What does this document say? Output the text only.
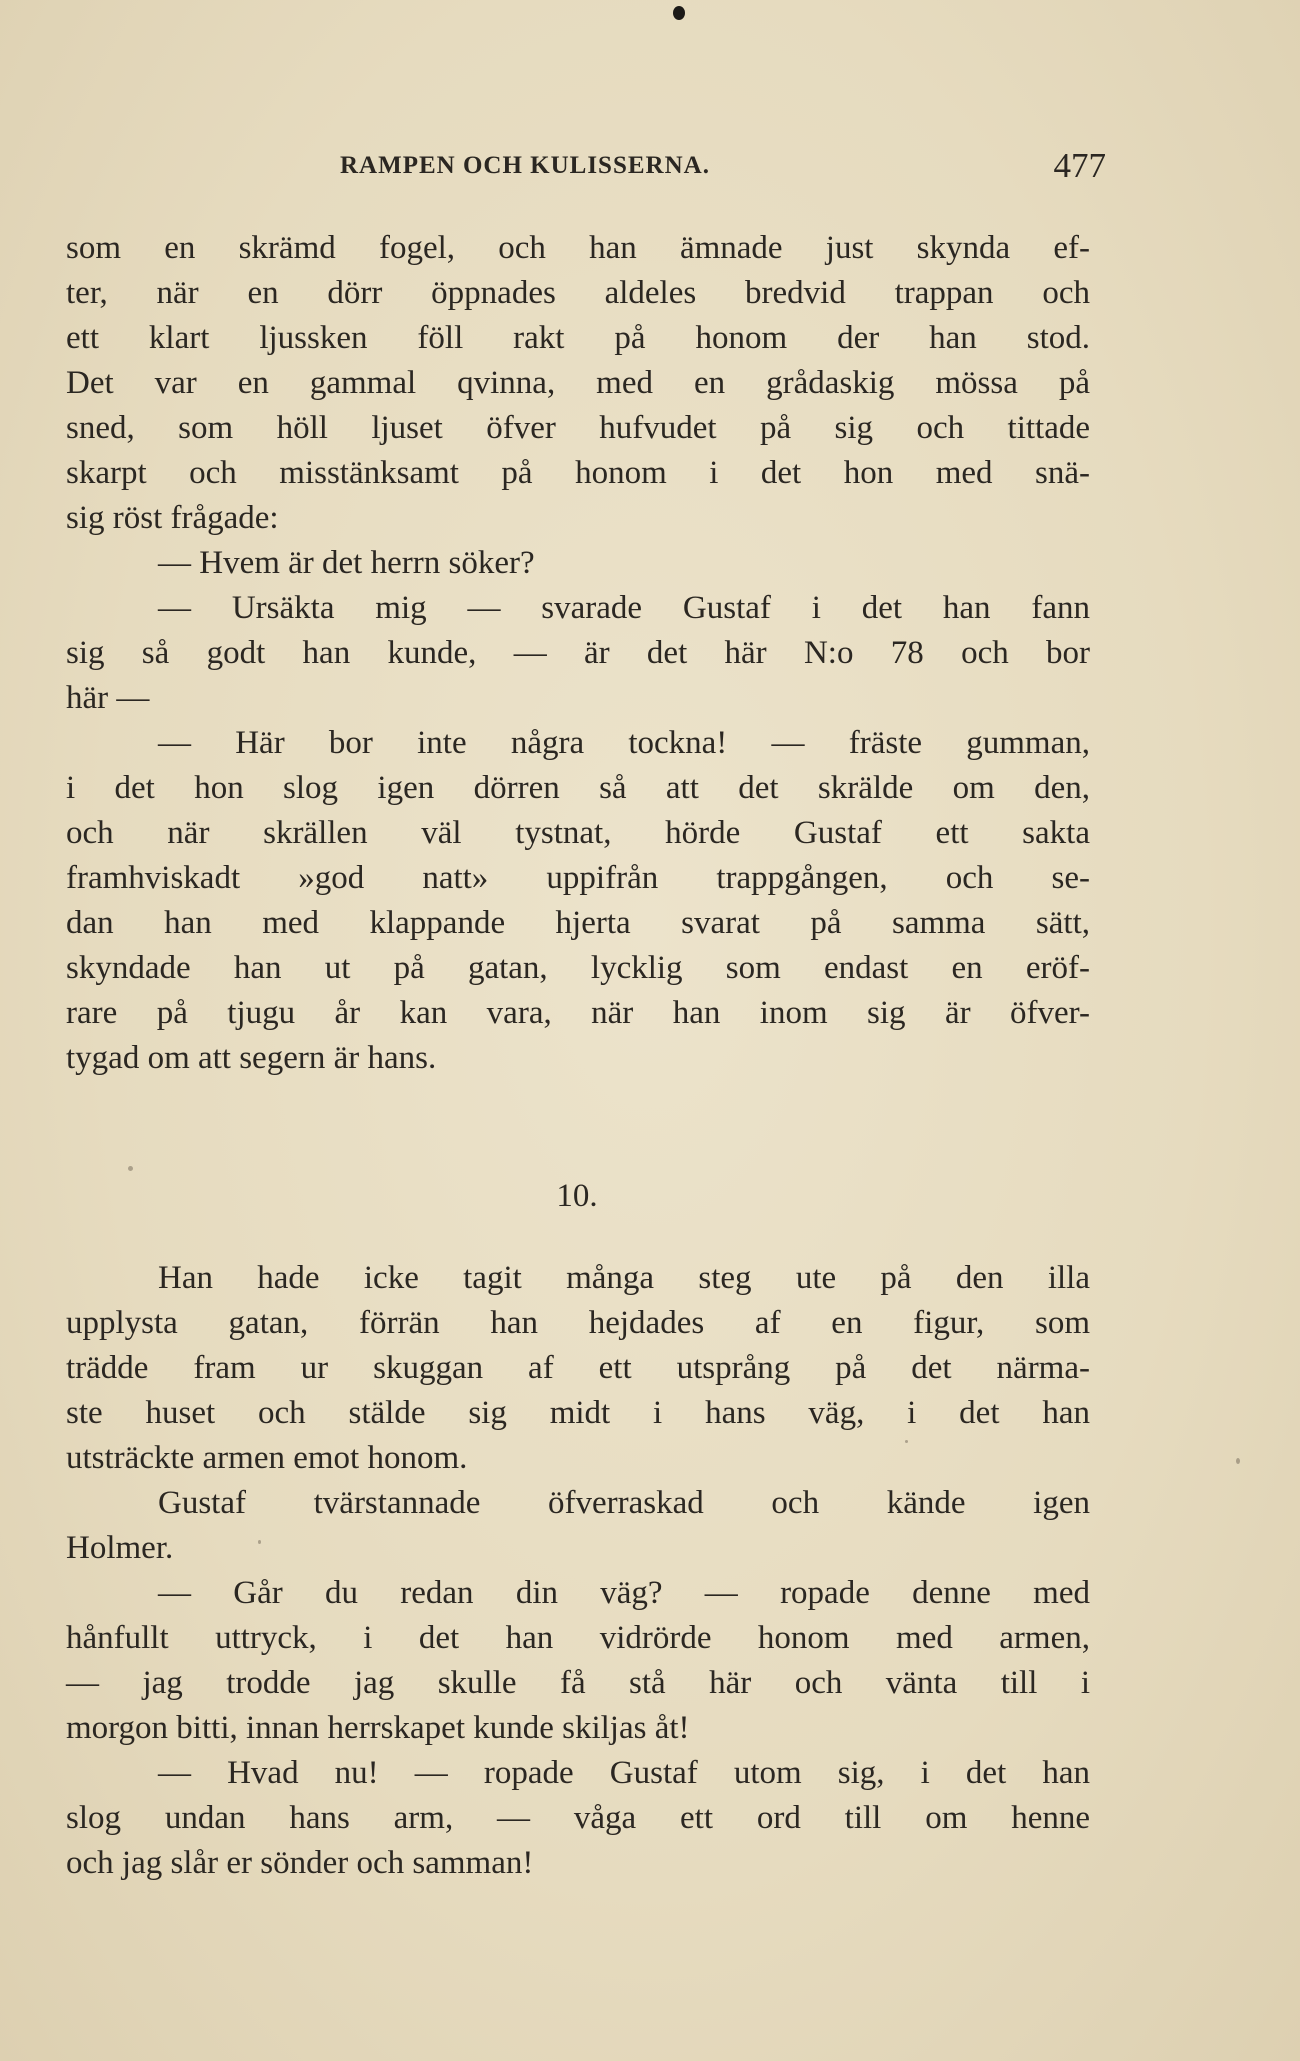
RAMPEN OCH KULISSERNA.	477
som en skrämd fogel, och han ämnade just skynda ef-
ter, när en dörr öppnades aldeles bredvid trappan och
ett klart ljussken föll rakt på honom der han stod.
Det var en gammal qvinna, med en grådaskig mössa på
sned, som höll ljuset öfver hufvudet på sig och tittade
skarpt och misstänksamt på honom i det hon med snä-
sig röst frågade:
— Hvem är det herrn söker?
— Ursäkta mig — svarade Gustaf i det han fann
sig så godt han kunde, — är det här N:o 78 och bor
här —
— Här bor inte några tockna! — fräste gumman,
i det hon slog igen dörren så att det skrälde om den,
och när skrällen väl tystnat, hörde Gustaf ett sakta
framhviskadt »god natt» uppifrån trappgången, och se-
dan han med klappande hjerta svarat på samma sätt,
skyndade han ut på gatan, lycklig som endast en eröf-
rare på tjugu år kan vara, när han inom sig är öfver-
tygad om att segern är hans.
10.
Han hade icke tagit många steg ute på den illa
upplysta gatan, förrän han hejdades af en figur, som
trädde fram ur skuggan af ett utsprång på det närma-
ste huset och stälde sig midt i hans väg, i det han
utsträckte armen emot honom.
Gustaf tvärstannade öfverraskad och kände igen
Holmer.
— Går du redan din väg? — ropade denne med
hånfullt uttryck, i det han vidrörde honom med armen,
— jag trodde jag skulle få stå här och vänta till i
morgon bitti, innan herrskapet kunde skiljas åt!
— Hvad nu! — ropade Gustaf utom sig, i det han
slog undan hans arm, — våga ett ord till om henne
och jag slår er sönder och samman!
